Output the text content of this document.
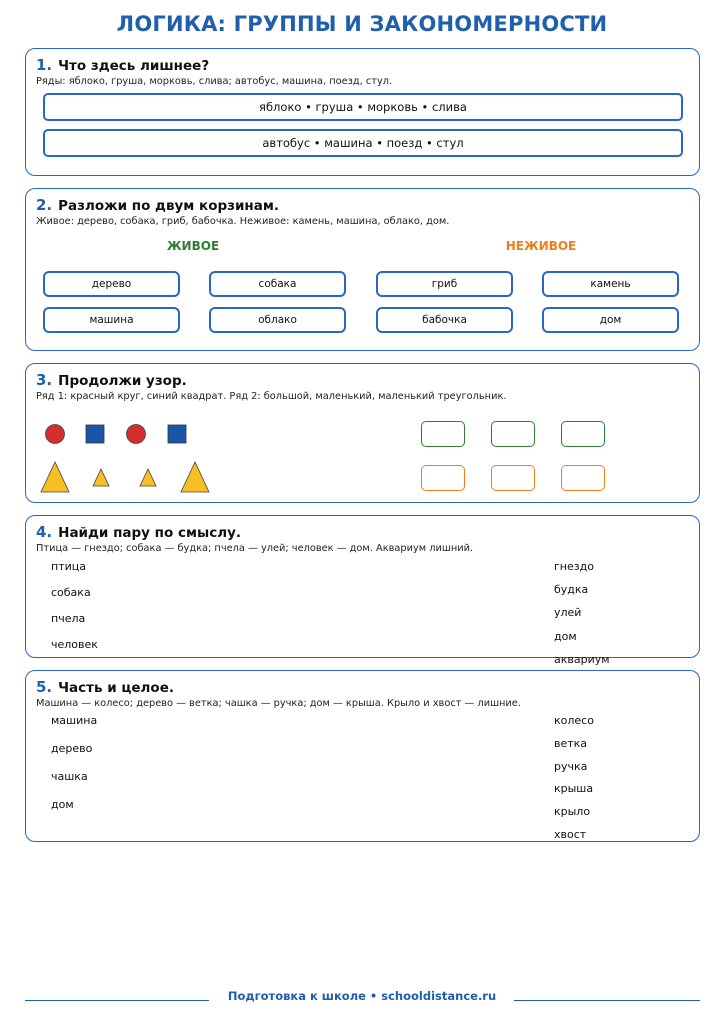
ЛОГИКА: ГРУППЫ И ЗАКОНОМЕРНОСТИ
1. Что здесь лишнее?
Ряды: яблоко, груша, морковь, слива; автобус, машина, поезд, стул.
яблоко • груша • морковь • слива
автобус • машина • поезд • стул
2. Разложи по двум корзинам.
Живое: дерево, собака, гриб, бабочка. Неживое: камень, машина, облако, дом.
ЖИВОЕ	НЕЖИВОЕ
дерево	собака	гриб	камень
машина	облако	бабочка	дом
3. Продолжи узор.
Ряд 1: красный круг, синий квадрат. Ряд 2: большой, маленький, маленький треугольник.
4. Найди пару по смыслу.
Птица — гнездо; собака — будка; пчела — улей; человек — дом. Аквариум лишний.
птица
собака
пчела
человек
гнездо
будка
улей
дом
аквариум
5. Часть и целое.
Машина — колесо; дерево — ветка; чашка — ручка; дом — крыша. Крыло и хвост — лишние.
машина
дерево
чашка
дом
колесо
ветка
ручка
крыша
крыло
хвост
Подготовка к школе • schooldistance.ru
